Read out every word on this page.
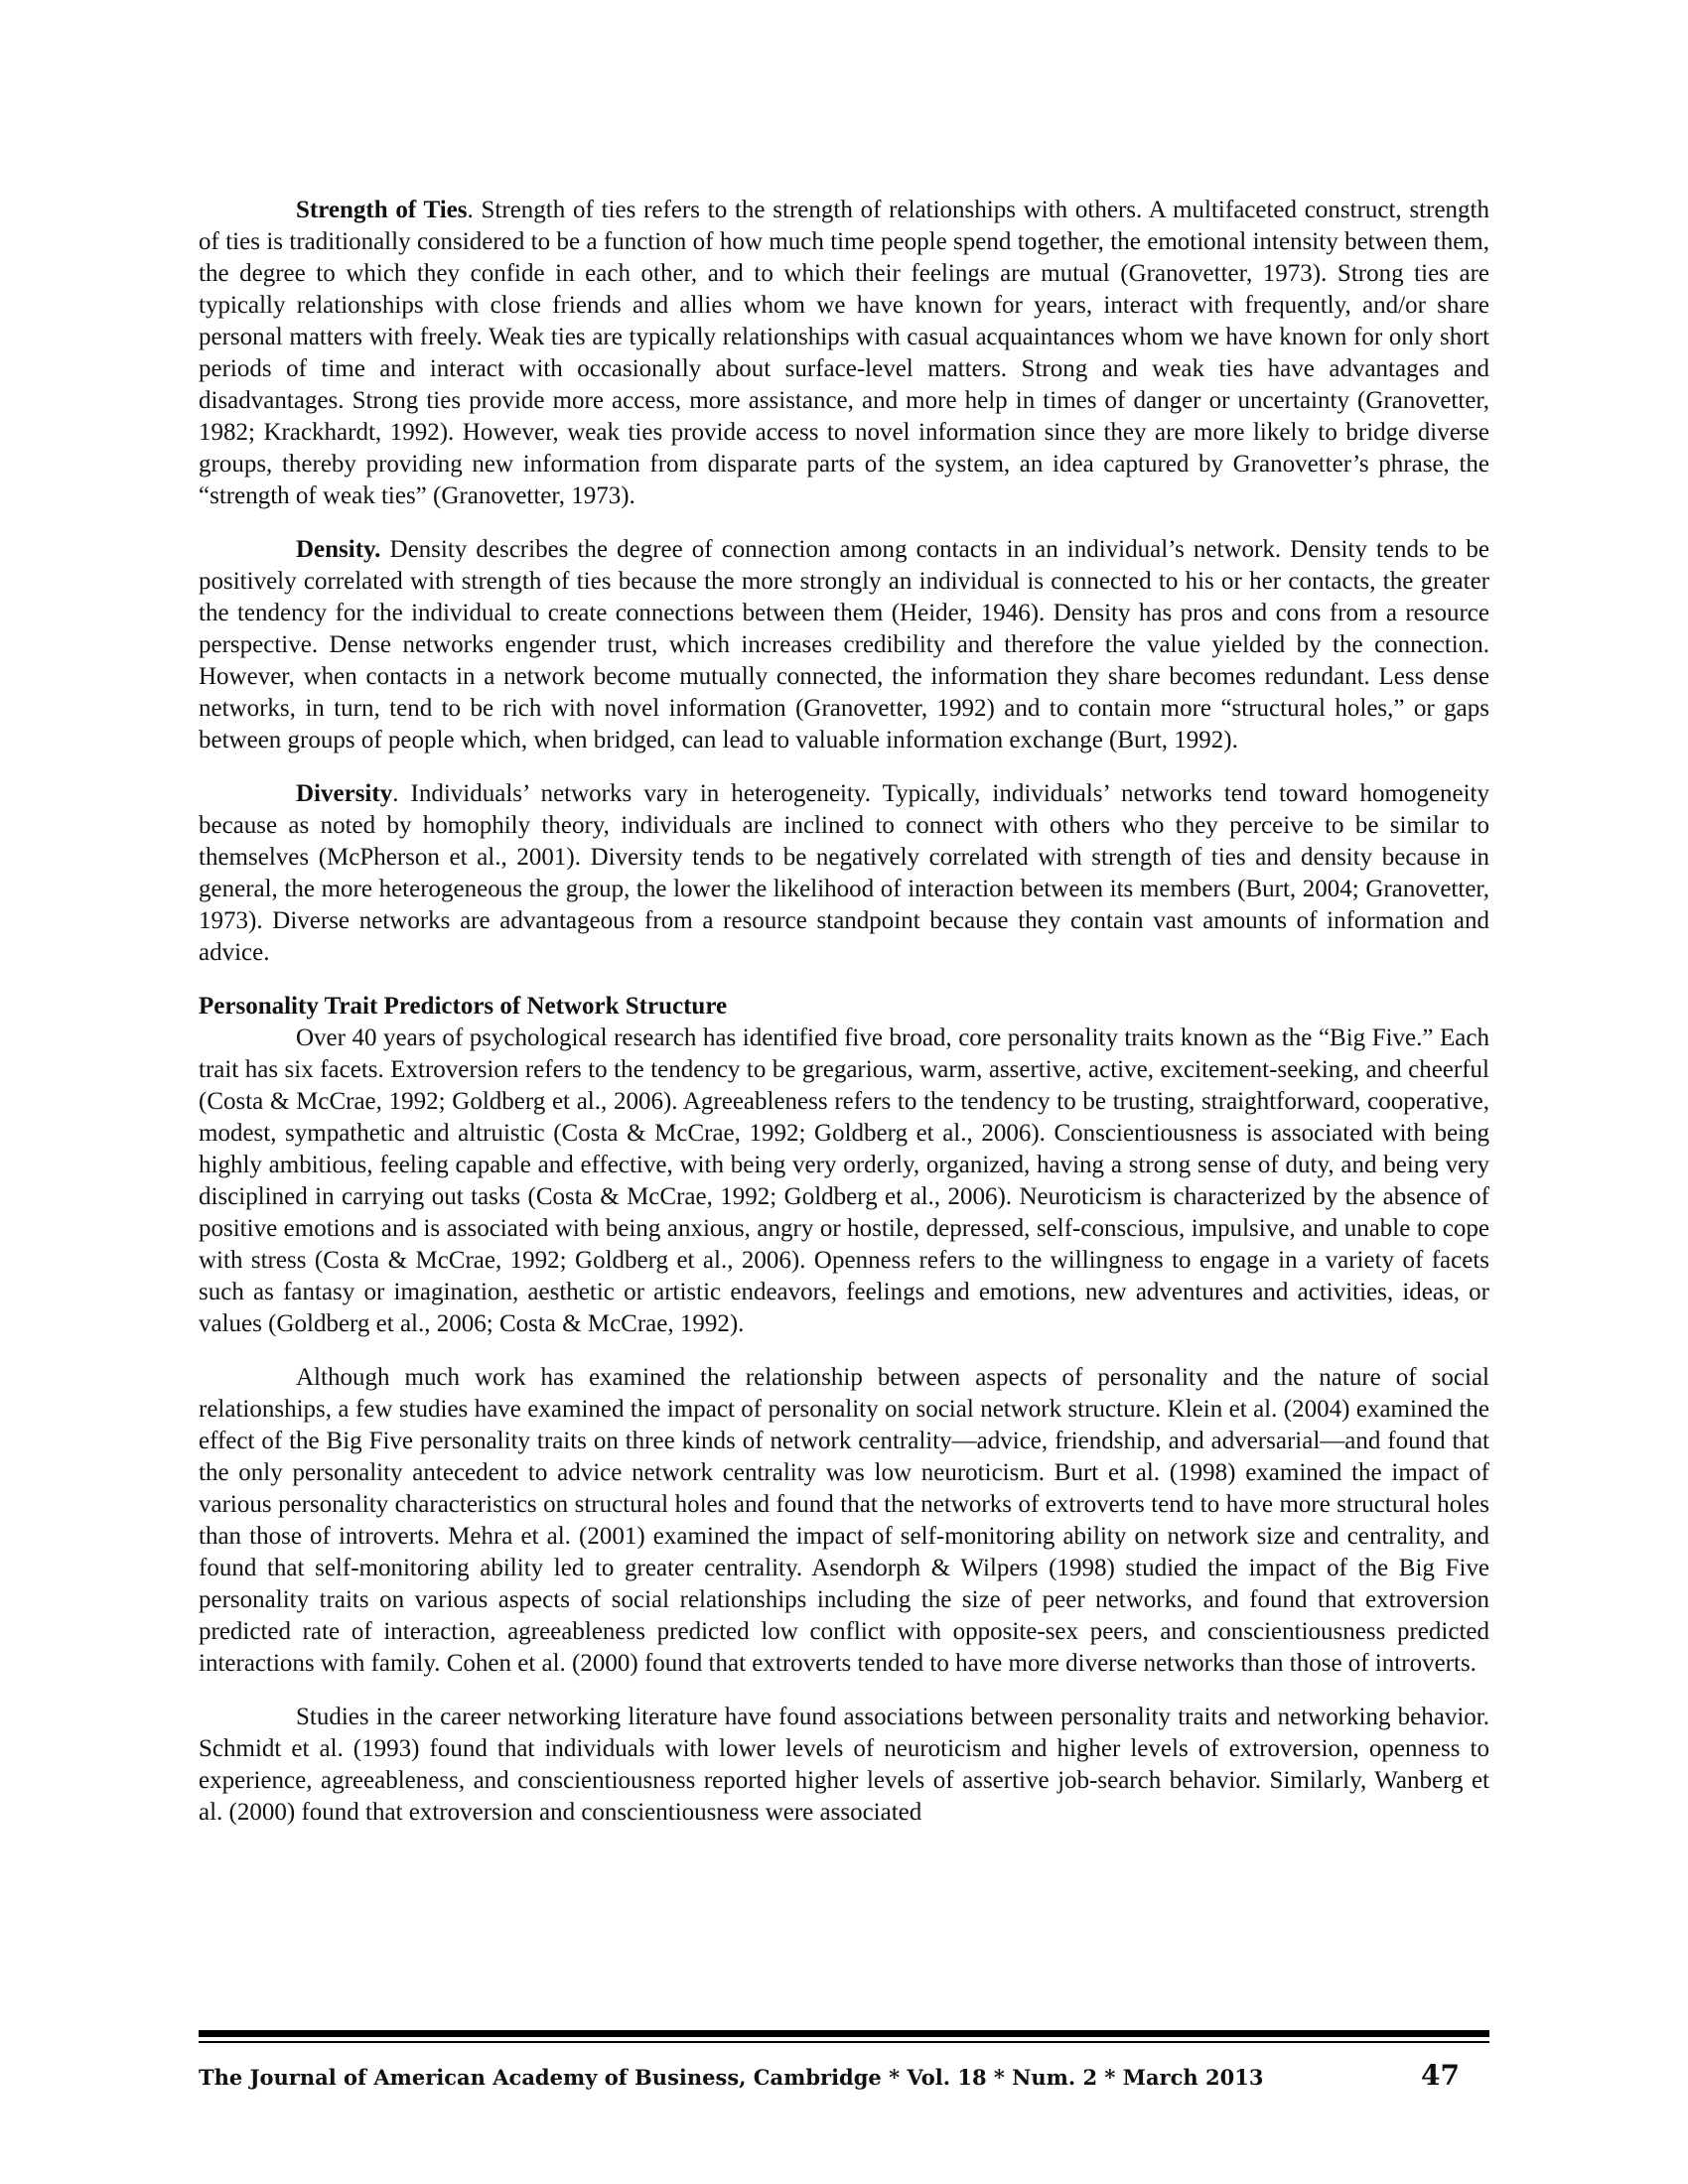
Strength of Ties. Strength of ties refers to the strength of relationships with others. A multifaceted construct, strength of ties is traditionally considered to be a function of how much time people spend together, the emotional intensity between them, the degree to which they confide in each other, and to which their feelings are mutual (Granovetter, 1973). Strong ties are typically relationships with close friends and allies whom we have known for years, interact with frequently, and/or share personal matters with freely. Weak ties are typically relationships with casual acquaintances whom we have known for only short periods of time and interact with occasionally about surface-level matters. Strong and weak ties have advantages and disadvantages. Strong ties provide more access, more assistance, and more help in times of danger or uncertainty (Granovetter, 1982; Krackhardt, 1992). However, weak ties provide access to novel information since they are more likely to bridge diverse groups, thereby providing new information from disparate parts of the system, an idea captured by Granovetter’s phrase, the “strength of weak ties” (Granovetter, 1973).

Density. Density describes the degree of connection among contacts in an individual’s network. Density tends to be positively correlated with strength of ties because the more strongly an individual is connected to his or her contacts, the greater the tendency for the individual to create connections between them (Heider, 1946). Density has pros and cons from a resource perspective. Dense networks engender trust, which increases credibility and therefore the value yielded by the connection. However, when contacts in a network become mutually connected, the information they share becomes redundant. Less dense networks, in turn, tend to be rich with novel information (Granovetter, 1992) and to contain more “structural holes,” or gaps between groups of people which, when bridged, can lead to valuable information exchange (Burt, 1992).

Diversity. Individuals’ networks vary in heterogeneity. Typically, individuals’ networks tend toward homogeneity because as noted by homophily theory, individuals are inclined to connect with others who they perceive to be similar to themselves (McPherson et al., 2001). Diversity tends to be negatively correlated with strength of ties and density because in general, the more heterogeneous the group, the lower the likelihood of interaction between its members (Burt, 2004; Granovetter, 1973). Diverse networks are advantageous from a resource standpoint because they contain vast amounts of information and advice.

Personality Trait Predictors of Network Structure

Over 40 years of psychological research has identified five broad, core personality traits known as the “Big Five.” Each trait has six facets. Extroversion refers to the tendency to be gregarious, warm, assertive, active, excitement-seeking, and cheerful (Costa & McCrae, 1992; Goldberg et al., 2006). Agreeableness refers to the tendency to be trusting, straightforward, cooperative, modest, sympathetic and altruistic (Costa & McCrae, 1992; Goldberg et al., 2006). Conscientiousness is associated with being highly ambitious, feeling capable and effective, with being very orderly, organized, having a strong sense of duty, and being very disciplined in carrying out tasks (Costa & McCrae, 1992; Goldberg et al., 2006). Neuroticism is characterized by the absence of positive emotions and is associated with being anxious, angry or hostile, depressed, self-conscious, impulsive, and unable to cope with stress (Costa & McCrae, 1992; Goldberg et al., 2006). Openness refers to the willingness to engage in a variety of facets such as fantasy or imagination, aesthetic or artistic endeavors, feelings and emotions, new adventures and activities, ideas, or values (Goldberg et al., 2006; Costa & McCrae, 1992).

Although much work has examined the relationship between aspects of personality and the nature of social relationships, a few studies have examined the impact of personality on social network structure. Klein et al. (2004) examined the effect of the Big Five personality traits on three kinds of network centrality—advice, friendship, and adversarial—and found that the only personality antecedent to advice network centrality was low neuroticism. Burt et al. (1998) examined the impact of various personality characteristics on structural holes and found that the networks of extroverts tend to have more structural holes than those of introverts. Mehra et al. (2001) examined the impact of self-monitoring ability on network size and centrality, and found that self-monitoring ability led to greater centrality. Asendorph & Wilpers (1998) studied the impact of the Big Five personality traits on various aspects of social relationships including the size of peer networks, and found that extroversion predicted rate of interaction, agreeableness predicted low conflict with opposite-sex peers, and conscientiousness predicted interactions with family. Cohen et al. (2000) found that extroverts tended to have more diverse networks than those of introverts.

Studies in the career networking literature have found associations between personality traits and networking behavior. Schmidt et al. (1993) found that individuals with lower levels of neuroticism and higher levels of extroversion, openness to experience, agreeableness, and conscientiousness reported higher levels of assertive job-search behavior. Similarly, Wanberg et al. (2000) found that extroversion and conscientiousness were associated

The Journal of American Academy of Business, Cambridge * Vol. 18 * Num. 2 * March 2013	47
